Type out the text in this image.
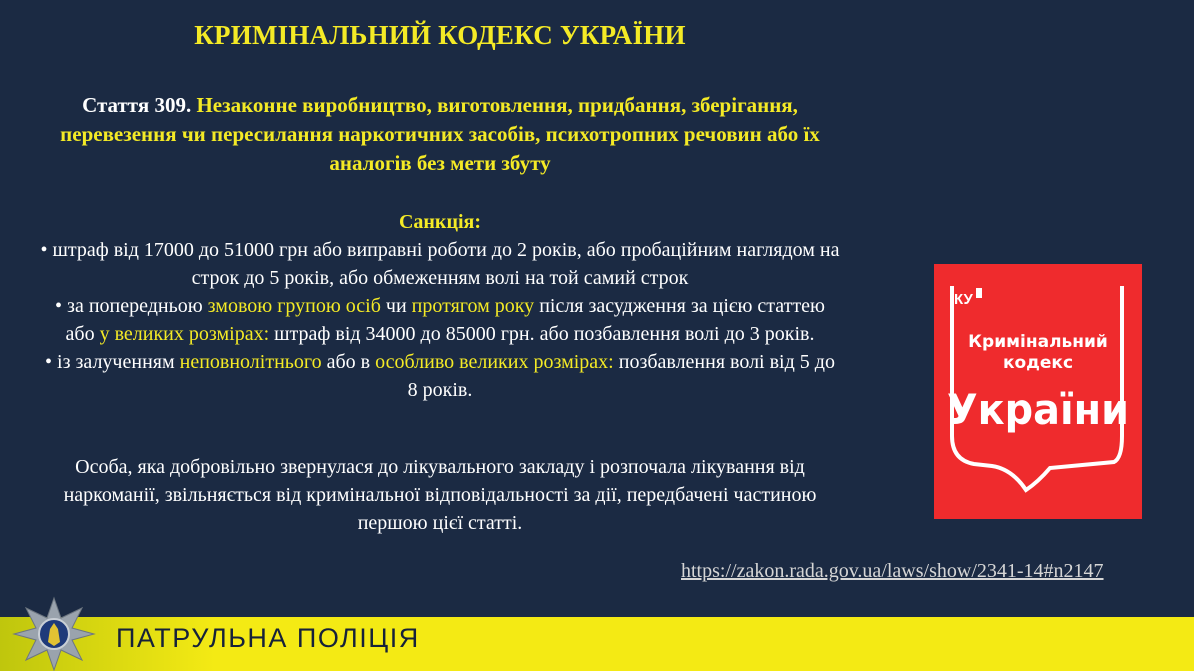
КРИМІНАЛЬНИЙ КОДЕКС УКРАЇНИ
Стаття 309. Незаконне виробництво, виготовлення, придбання, зберігання, перевезення чи пересилання наркотичних засобів, психотропних речовин або їх аналогів без мети збуту
Санкція:
• штраф від 17000 до 51000 грн або виправні роботи до 2 років, або пробаційним наглядом на строк до 5 років, або обмеженням волі на той самий строк
• за попередньою змовою групою осіб чи протягом року після засудження за цією статтею або у великих розмірах: штраф від 34000 до 85000 грн. або позбавлення волі до 3 років.
• із залученням неповнолітнього або в особливо великих розмірах: позбавлення волі від 5 до 8 років.
Особа, яка добровільно звернулася до лікувального закладу і розпочала лікування від наркоманії, звільняється від кримінальної відповідальності за дії, передбачені частиною першою цієї статті.
КУ
Кримінальний
кодекс
України
https://zakon.rada.gov.ua/laws/show/2341-14#n2147
ПАТРУЛЬНА ПОЛІЦІЯ
